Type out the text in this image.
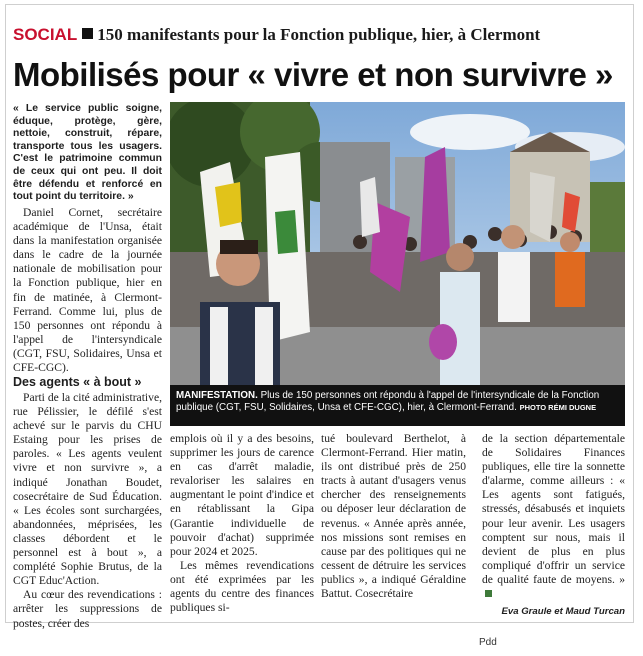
SOCIAL 150 manifestants pour la Fonction publique, hier, à Clermont
Mobilisés pour « vivre et non survivre »
« Le service public soigne, éduque, protège, gère, nettoie, construit, répare, transporte tous les usagers. C'est le patrimoine commun de ceux qui ont peu. Il doit être défendu et renforcé en tout point du territoire. »

Daniel Cornet, secrétaire académique de l'Unsa, était dans la manifestation organisée dans le cadre de la journée nationale de mobilisation pour la Fonction publique, hier en fin de matinée, à Clermont-Ferrand. Comme lui, plus de 150 personnes ont répondu à l'appel de l'intersyndicale (CGT, FSU, Solidaires, Unsa et CFE-CGC).

Des agents « à bout »

Parti de la cité administrative, rue Pélissier, le défilé s'est achevé sur le parvis du CHU Estaing pour les prises de paroles. « Les agents veulent vivre et non survivre », a indiqué Jonathan Boudet, cosecrétaire de Sud Éducation. « Les écoles sont surchargées, abandonnées, méprisées, les classes débordent et le personnel est à bout », a complété Sophie Brutus, de la CGT Educ'Action.

Au cœur des revendications : arrêter les suppressions de postes, créer des

MANIFESTATION. Plus de 150 personnes ont répondu à l'appel de l'intersyndicale de la Fonction publique (CGT, FSU, Solidaires, Unsa et CFE-CGC), hier, à Clermont-Ferrand. PHOTO RÉMI DUGNE

emplois où il y a des besoins, supprimer les jours de carence en cas d'arrêt maladie, revaloriser les salaires en augmentant le point d'indice et en rétablissant la Gipa (Garantie individuelle de pouvoir d'achat) supprimée pour 2024 et 2025.

Les mêmes revendications ont été exprimées par les agents du centre des finances publiques si-

tué boulevard Berthelot, à Clermont-Ferrand. Hier matin, ils ont distribué près de 250 tracts à autant d'usagers venus chercher des renseignements ou déposer leur déclaration de revenus. « Année après année, nos missions sont remises en cause par des politiques qui ne cessent de détruire les services publics », a indiqué Géraldine Battut. Cosecrétaire

de la section départementale de Solidaires Finances publiques, elle tire la sonnette d'alarme, comme ailleurs : « Les agents sont fatigués, stressés, désabusés et inquiets pour leur avenir. Les usagers comptent sur nous, mais il devient de plus en plus compliqué d'offrir un service de qualité faute de moyens. »

Eva Graule et Maud Turcan
Pdd
